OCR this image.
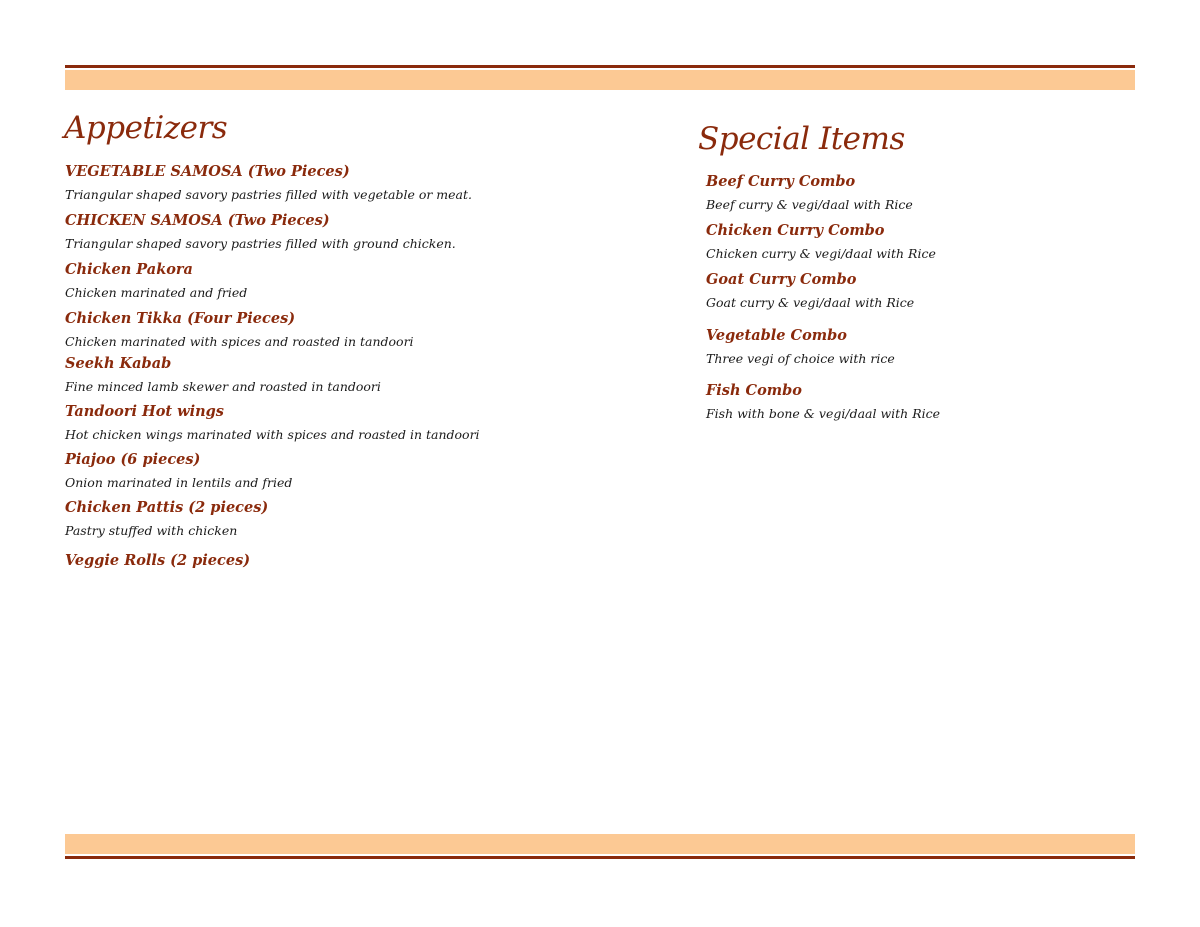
Appetizers
VEGETABLE SAMOSA (Two Pieces)
Triangular shaped savory pastries filled with vegetable or meat.
CHICKEN SAMOSA (Two Pieces)
Triangular shaped savory pastries filled with ground chicken.
Chicken Pakora
Chicken marinated and fried
Chicken Tikka (Four Pieces)
Chicken marinated with spices and roasted in tandoori
Seekh Kabab
Fine minced lamb skewer and roasted in tandoori
Tandoori Hot wings
Hot chicken wings marinated with spices and roasted in tandoori
Piajoo (6 pieces)
Onion marinated in lentils and fried
Chicken Pattis (2 pieces)
Pastry stuffed with chicken
Veggie Rolls (2 pieces)
Special Items
Beef Curry Combo
Beef curry & vegi/daal with Rice
Chicken Curry Combo
Chicken curry & vegi/daal with Rice
Goat Curry Combo
Goat curry & vegi/daal with Rice
Vegetable Combo
Three vegi of choice with rice
Fish Combo
Fish with bone & vegi/daal with Rice
